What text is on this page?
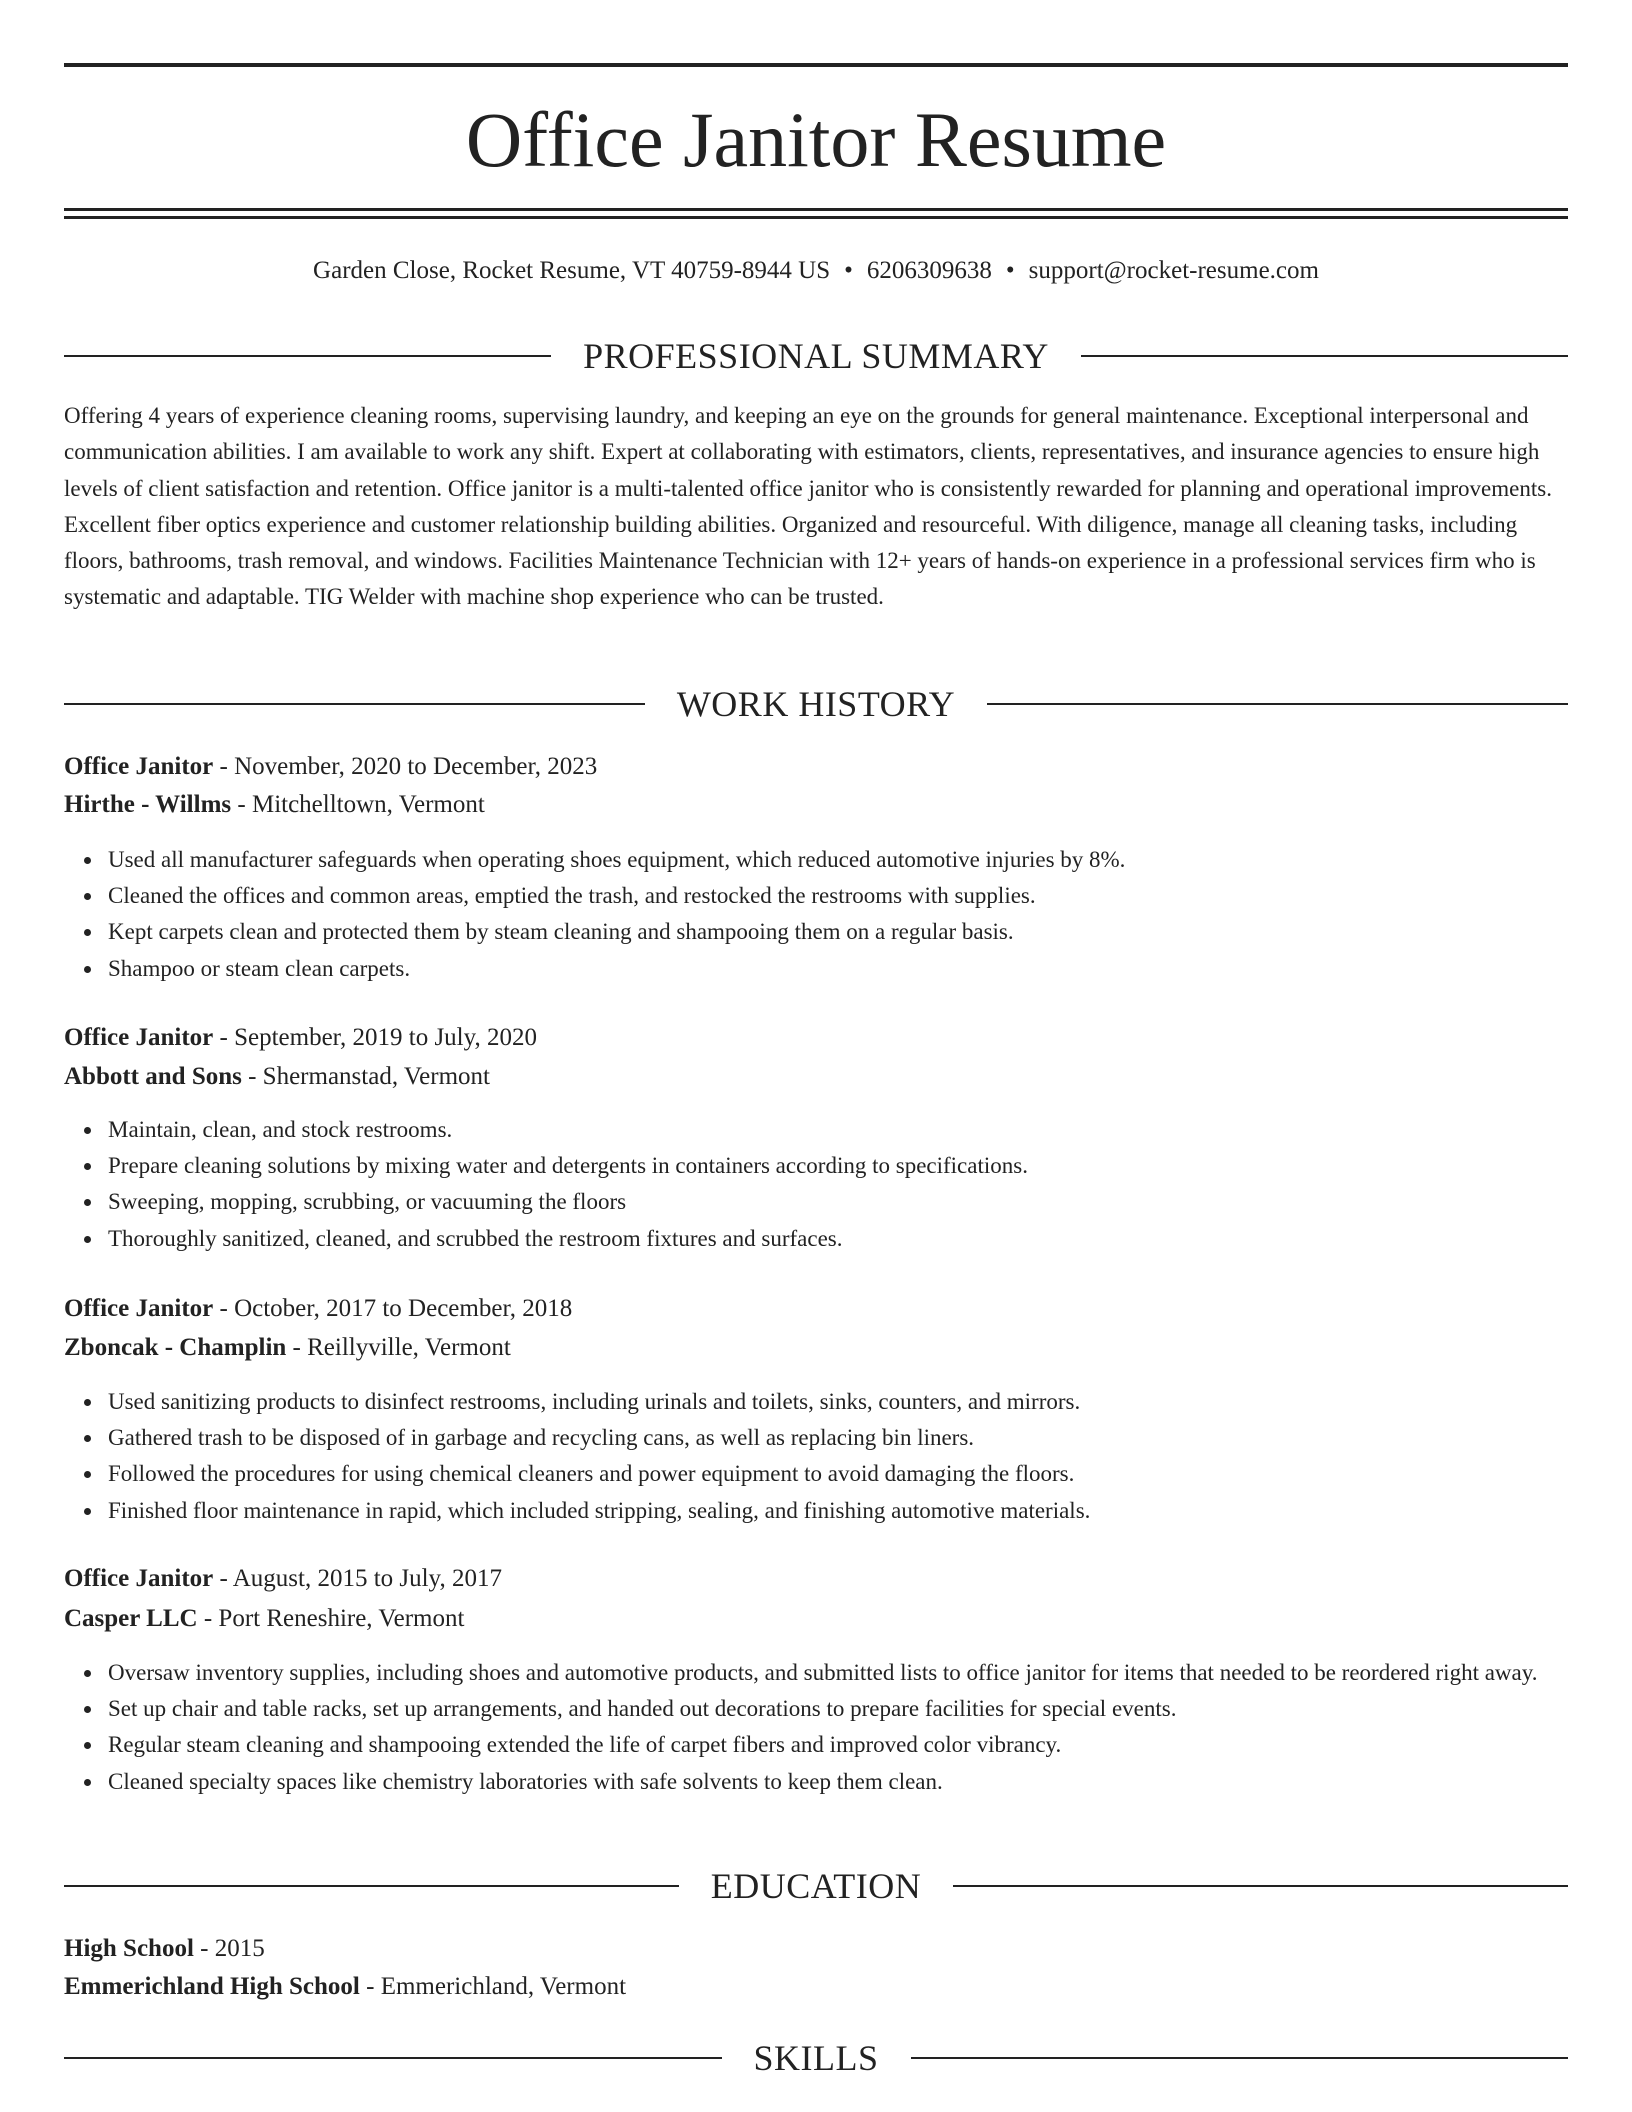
Office Janitor Resume
Garden Close, Rocket Resume, VT 40759-8944 US • 6206309638 • support@rocket-resume.com
PROFESSIONAL SUMMARY

Offering 4 years of experience cleaning rooms, supervising laundry, and keeping an eye on the grounds for general maintenance. Exceptional interpersonal and communication abilities. I am available to work any shift. Expert at collaborating with estimators, clients, representatives, and insurance agencies to ensure high levels of client satisfaction and retention. Office janitor is a multi-talented office janitor who is consistently rewarded for planning and operational improvements. Excellent fiber optics experience and customer relationship building abilities. Organized and resourceful. With diligence, manage all cleaning tasks, including floors, bathrooms, trash removal, and windows. Facilities Maintenance Technician with 12+ years of hands-on experience in a professional services firm who is systematic and adaptable. TIG Welder with machine shop experience who can be trusted.

WORK HISTORY
Office Janitor - November, 2020 to December, 2023
Hirthe - Willms - Mitchelltown, Vermont
Used all manufacturer safeguards when operating shoes equipment, which reduced automotive injuries by 8%.
Cleaned the offices and common areas, emptied the trash, and restocked the restrooms with supplies.
Kept carpets clean and protected them by steam cleaning and shampooing them on a regular basis.
Shampoo or steam clean carpets.
Office Janitor - September, 2019 to July, 2020
Abbott and Sons - Shermanstad, Vermont
Maintain, clean, and stock restrooms.
Prepare cleaning solutions by mixing water and detergents in containers according to specifications.
Sweeping, mopping, scrubbing, or vacuuming the floors
Thoroughly sanitized, cleaned, and scrubbed the restroom fixtures and surfaces.
Office Janitor - October, 2017 to December, 2018
Zboncak - Champlin - Reillyville, Vermont
Used sanitizing products to disinfect restrooms, including urinals and toilets, sinks, counters, and mirrors.
Gathered trash to be disposed of in garbage and recycling cans, as well as replacing bin liners.
Followed the procedures for using chemical cleaners and power equipment to avoid damaging the floors.
Finished floor maintenance in rapid, which included stripping, sealing, and finishing automotive materials.
Office Janitor - August, 2015 to July, 2017
Casper LLC - Port Reneshire, Vermont
Oversaw inventory supplies, including shoes and automotive products, and submitted lists to office janitor for items that needed to be reordered right away.
Set up chair and table racks, set up arrangements, and handed out decorations to prepare facilities for special events.
Regular steam cleaning and shampooing extended the life of carpet fibers and improved color vibrancy.
Cleaned specialty spaces like chemistry laboratories with safe solvents to keep them clean.
EDUCATION
High School - 2015
Emmerichland High School - Emmerichland, Vermont
SKILLS
